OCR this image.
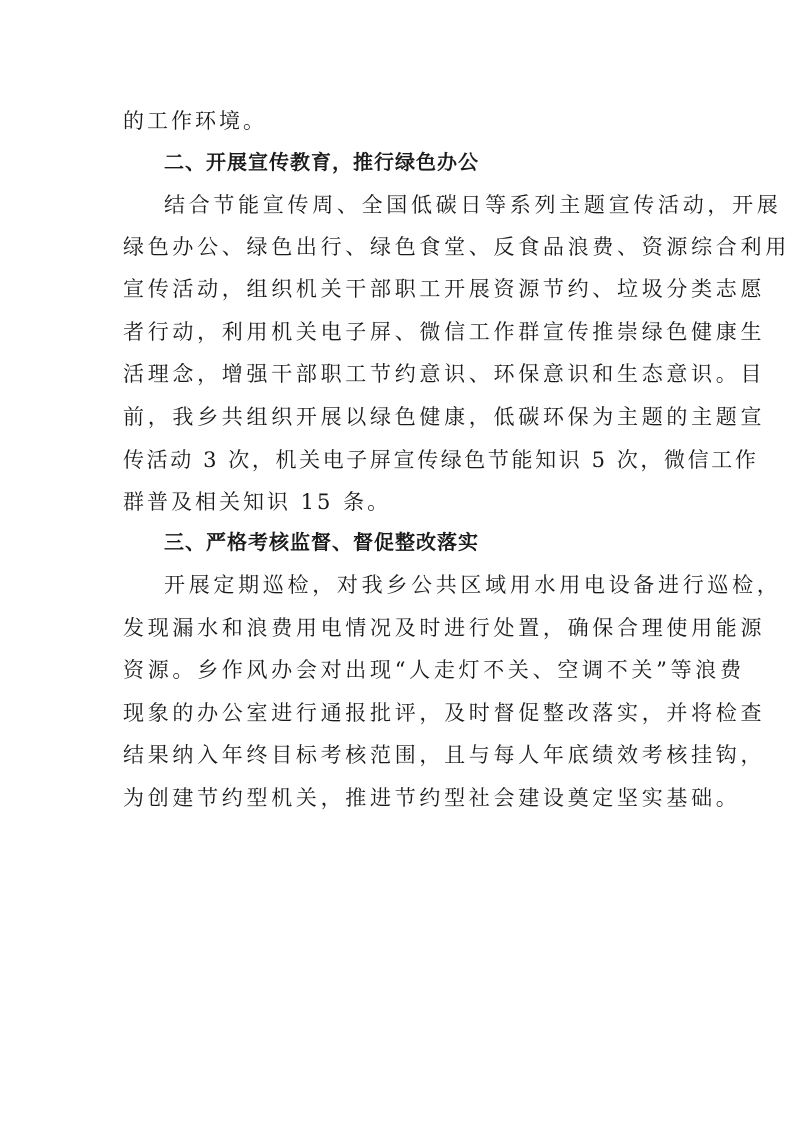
的工作环境。
二、开展宣传教育，推行绿色办公
结合节能宣传周、全国低碳日等系列主题宣传活动，开展
绿色办公、绿色出行、绿色食堂、反食品浪费、资源综合利用
宣传活动，组织机关干部职工开展资源节约、垃圾分类志愿
者行动，利用机关电子屏、微信工作群宣传推崇绿色健康生
活理念，增强干部职工节约意识、环保意识和生态意识。目
前，我乡共组织开展以绿色健康，低碳环保为主题的主题宣
传活动 3 次，机关电子屏宣传绿色节能知识 5 次，微信工作
群普及相关知识 15 条。
三、严格考核监督、督促整改落实
开展定期巡检，对我乡公共区域用水用电设备进行巡检，
发现漏水和浪费用电情况及时进行处置，确保合理使用能源
资源。乡作风办会对出现“人走灯不关、空调不关”等浪费
现象的办公室进行通报批评，及时督促整改落实，并将检查
结果纳入年终目标考核范围，且与每人年底绩效考核挂钩，
为创建节约型机关，推进节约型社会建设奠定坚实基础。
